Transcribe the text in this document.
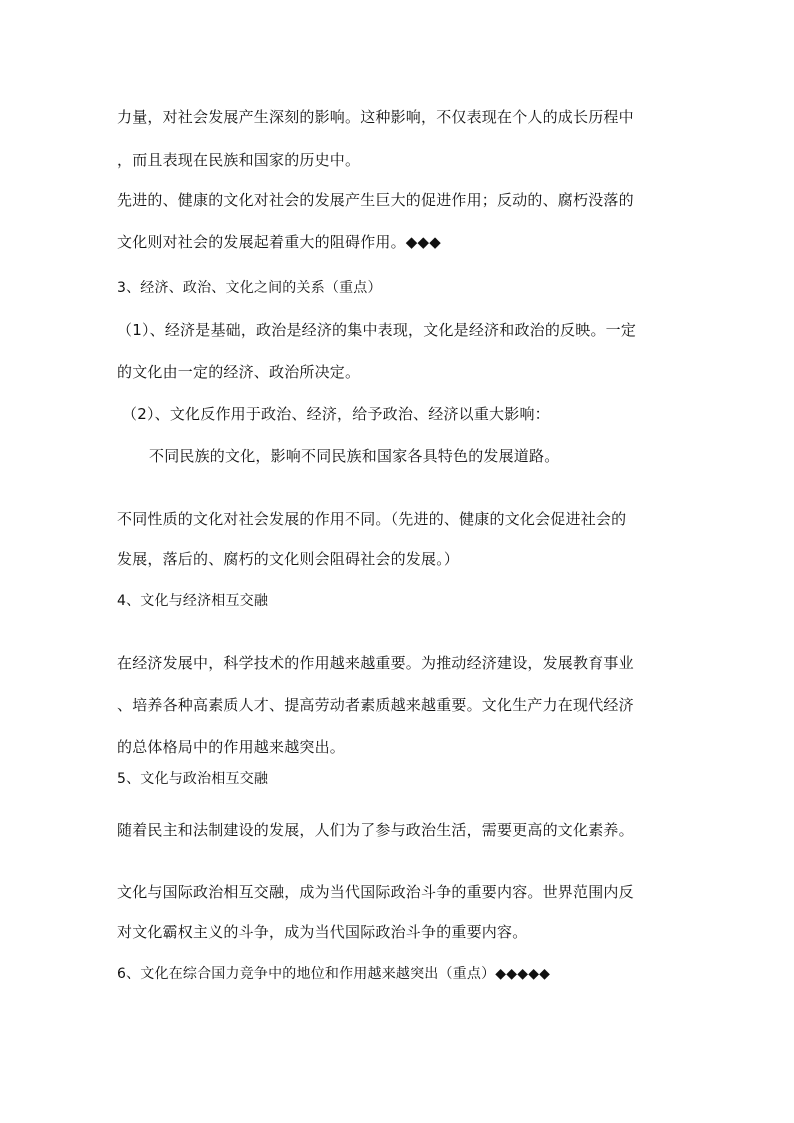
力量，对社会发展产生深刻的影响。这种影响，不仅表现在个人的成长历程中
，而且表现在民族和国家的历史中。
先进的、健康的文化对社会的发展产生巨大的促进作用；反动的、腐朽没落的
文化则对社会的发展起着重大的阻碍作用。◆◆◆
3、经济、政治、文化之间的关系（重点）
（1）、经济是基础，政治是经济的集中表现，文化是经济和政治的反映。一定
的文化由一定的经济、政治所决定。
（2）、文化反作用于政治、经济，给予政治、经济以重大影响：
不同民族的文化，影响不同民族和国家各具特色的发展道路。
不同性质的文化对社会发展的作用不同。（先进的、健康的文化会促进社会的
发展，落后的、腐朽的文化则会阻碍社会的发展。）
4、文化与经济相互交融
在经济发展中，科学技术的作用越来越重要。为推动经济建设，发展教育事业
、培养各种高素质人才、提高劳动者素质越来越重要。文化生产力在现代经济
的总体格局中的作用越来越突出。
5、文化与政治相互交融
随着民主和法制建设的发展，人们为了参与政治生活，需要更高的文化素养。
文化与国际政治相互交融，成为当代国际政治斗争的重要内容。世界范围内反
对文化霸权主义的斗争，成为当代国际政治斗争的重要内容。
6、文化在综合国力竞争中的地位和作用越来越突出（重点）◆◆◆◆◆
